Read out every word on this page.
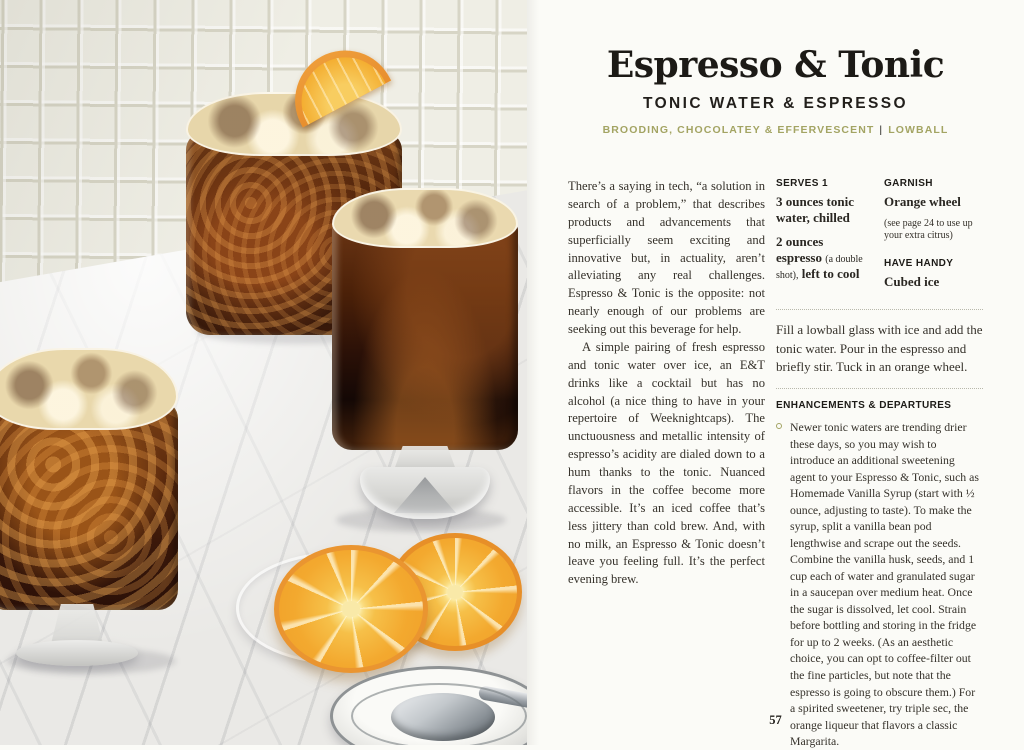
Espresso & Tonic
TONIC WATER & ESPRESSO
BROODING, CHOCOLATEY & EFFERVESCENT | LOWBALL

There’s a saying in tech, “a solution in search of a problem,” that describes products and advancements that superficially seem exciting and innovative but, in actuality, aren’t alleviating any real challenges. Espresso & Tonic is the opposite: not nearly enough of our problems are seeking out this beverage for help.

A simple pairing of fresh espresso and tonic water over ice, an E&T drinks like a cocktail but has no alcohol (a nice thing to have in your repertoire of Weeknightcaps). The unctuousness and metallic intensity of espresso’s acidity are dialed down to a hum thanks to the tonic. Nuanced flavors in the coffee become more accessible. It’s an iced coffee that’s less jittery than cold brew. And, with no milk, an Espresso & Tonic doesn’t leave you feeling full. It’s the perfect evening brew.

SERVES 1
3 ounces tonic water, chilled
2 ounces espresso (a double shot), left to cool
GARNISH
Orange wheel
(see page 24 to use up your extra citrus)
HAVE HANDY
Cubed ice
Fill a lowball glass with ice and add the tonic water. Pour in the espresso and briefly stir. Tuck in an orange wheel.
ENHANCEMENTS & DEPARTURES
Newer tonic waters are trending drier these days, so you may wish to introduce an additional sweetening agent to your Espresso & Tonic, such as Homemade Vanilla Syrup (start with ½ ounce, adjusting to taste). To make the syrup, split a vanilla bean pod lengthwise and scrape out the seeds. Combine the vanilla husk, seeds, and 1 cup each of water and granulated sugar in a saucepan over medium heat. Once the sugar is dissolved, let cool. Strain before bottling and storing in the fridge for up to 2 weeks. (As an aesthetic choice, you can opt to coffee-filter out the fine particles, but note that the espresso is going to obscure them.) For a spirited sweetener, try triple sec, the orange liqueur that flavors a classic Margarita.
57
